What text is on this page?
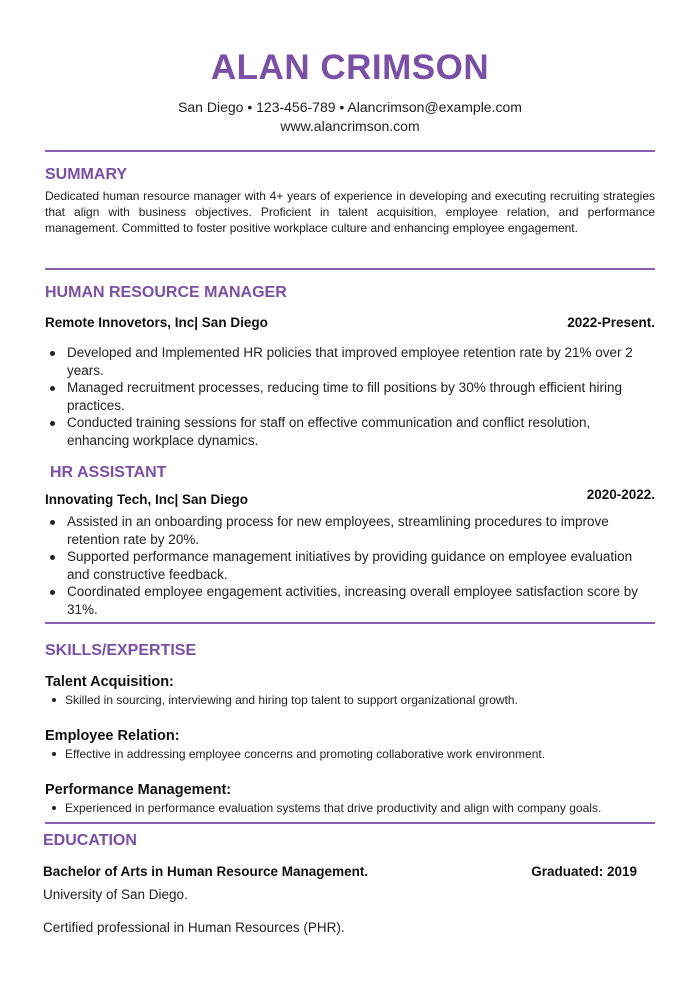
ALAN CRIMSON
San Diego • 123-456-789 • Alancrimson@example.com
www.alancrimson.com
SUMMARY
Dedicated human resource manager with 4+ years of experience in developing and executing recruiting strategies that align with business objectives. Proficient in talent acquisition, employee relation, and performance management. Committed to foster positive workplace culture and enhancing employee engagement.
HUMAN RESOURCE MANAGER
Remote Innovetors, Inc| San Diego	2022-Present.
Developed and Implemented HR policies that improved employee retention rate by 21% over 2 years.
Managed recruitment processes, reducing time to fill positions by 30% through efficient hiring practices.
Conducted training sessions for staff on effective communication and conflict resolution, enhancing workplace dynamics.
HR ASSISTANT
Innovating Tech, Inc| San Diego	2020-2022.
Assisted in an onboarding process for new employees, streamlining procedures to improve retention rate by 20%.
Supported performance management initiatives by providing guidance on employee evaluation and constructive feedback.
Coordinated employee engagement activities, increasing overall employee satisfaction score by 31%.
SKILLS/EXPERTISE
Talent Acquisition:
Skilled in sourcing, interviewing and hiring top talent to support organizational growth.
Employee Relation:
Effective in addressing employee concerns and promoting collaborative work environment.
Performance Management:
Experienced in performance evaluation systems that drive productivity and align with company goals.
EDUCATION
Bachelor of Arts in Human Resource Management.	Graduated: 2019
University of San Diego.
Certified professional in Human Resources (PHR).
